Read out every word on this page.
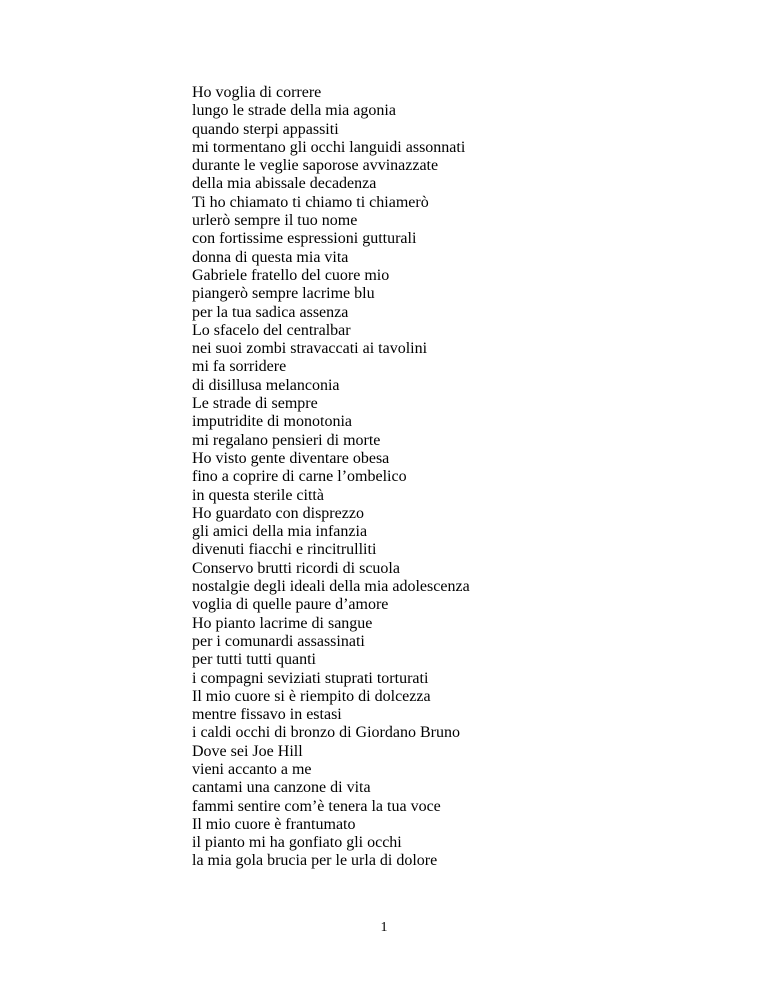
Ho voglia di correre
lungo le strade della mia agonia
quando sterpi appassiti
mi tormentano gli occhi languidi assonnati
durante le veglie saporose avvinazzate
della mia abissale decadenza
Ti ho chiamato ti chiamo ti chiamerò
urlerò sempre il tuo nome
con fortissime espressioni gutturali
donna di questa mia vita
Gabriele fratello del cuore mio
piangerò sempre lacrime blu
per la tua sadica assenza
Lo sfacelo del centralbar
nei suoi zombi stravaccati ai tavolini
mi fa sorridere
di disillusa melanconia
Le strade di sempre
imputridite di monotonia
mi regalano pensieri di morte
Ho visto gente diventare obesa
fino a coprire di carne l’ombelico
in questa sterile città
Ho guardato con disprezzo
gli amici della mia infanzia
divenuti fiacchi e rincitrulliti
Conservo brutti ricordi di scuola
nostalgie degli ideali della mia adolescenza
voglia di quelle paure d’amore
Ho pianto lacrime di sangue
per i comunardi assassinati
per tutti tutti quanti
i compagni seviziati stuprati torturati
Il mio cuore si è riempito di dolcezza
mentre fissavo in estasi
i caldi occhi di bronzo di Giordano Bruno
Dove sei Joe Hill
vieni accanto a me
cantami una canzone di vita
fammi sentire com’è tenera la tua voce
Il mio cuore è frantumato
il pianto mi ha gonfiato gli occhi
la mia gola brucia per le urla di dolore
1
